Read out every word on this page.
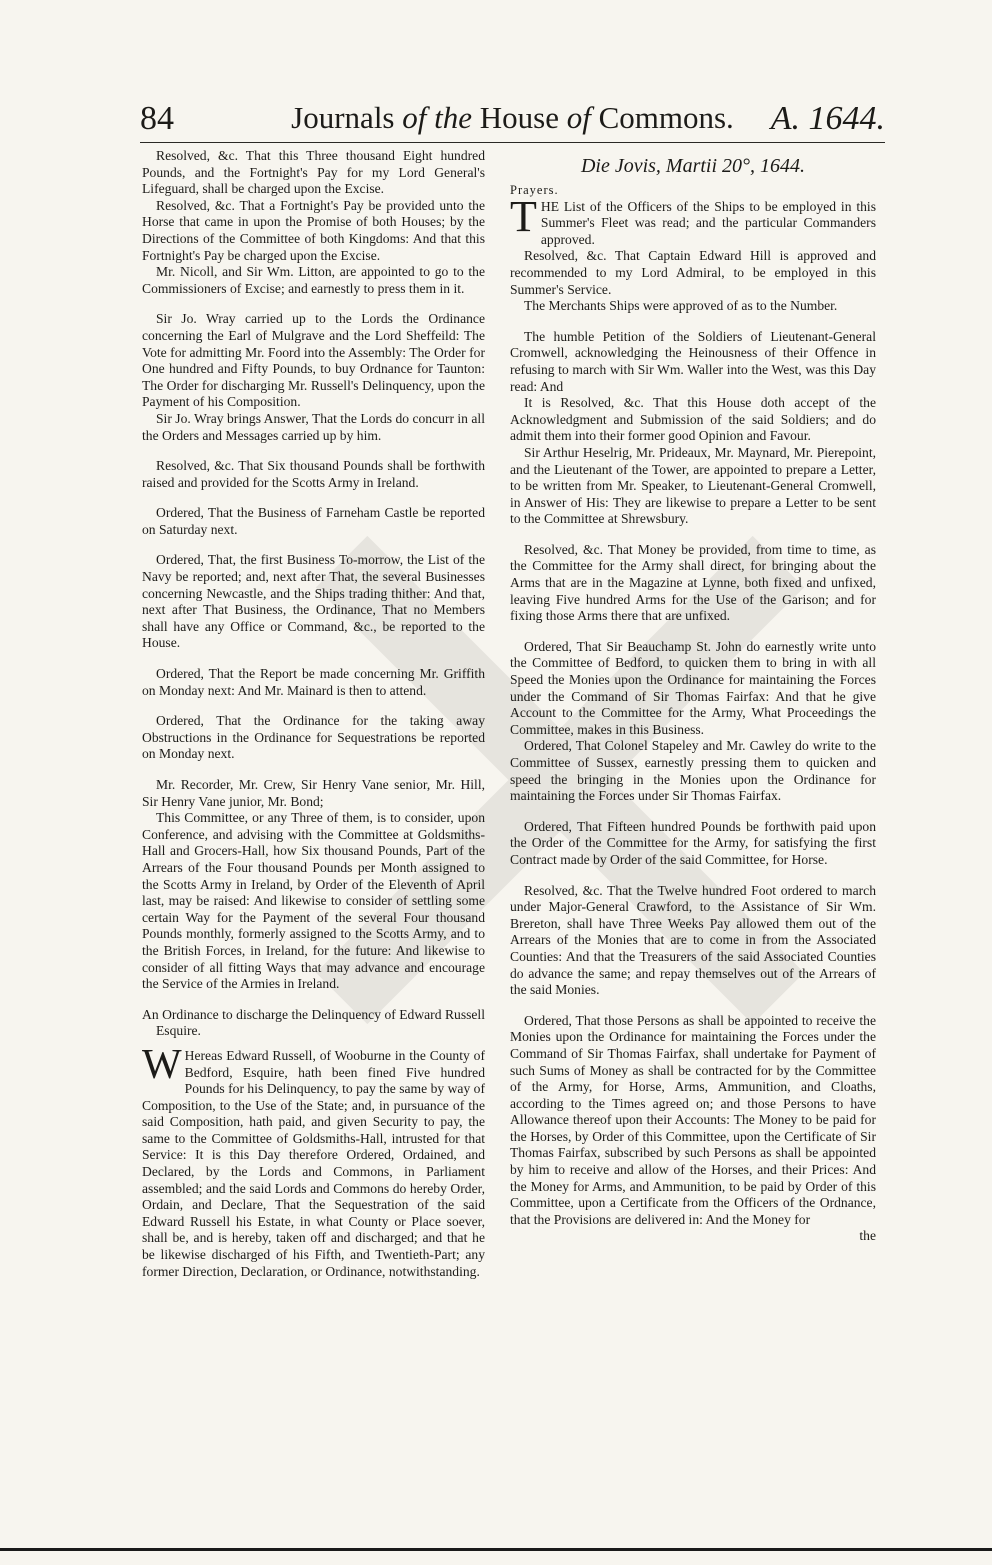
84	Journals of the House of Commons.	A. 1644.

Resolved, &c. That this Three thousand Eight hundred Pounds, and the Fortnight's Pay for my Lord General's Lifeguard, shall be charged upon the Excise.

Resolved, &c. That a Fortnight's Pay be provided unto the Horse that came in upon the Promise of both Houses; by the Directions of the Committee of both Kingdoms: And that this Fortnight's Pay be charged upon the Excise.

Mr. Nicoll, and Sir Wm. Litton, are appointed to go to the Commissioners of Excise; and earnestly to press them in it.

Sir Jo. Wray carried up to the Lords the Ordinance concerning the Earl of Mulgrave and the Lord Sheffeild: The Vote for admitting Mr. Foord into the Assembly: The Order for One hundred and Fifty Pounds, to buy Ordnance for Taunton: The Order for discharging Mr. Russell's Delinquency, upon the Payment of his Composition.

Sir Jo. Wray brings Answer, That the Lords do concurr in all the Orders and Messages carried up by him.

Resolved, &c. That Six thousand Pounds shall be forthwith raised and provided for the Scotts Army in Ireland.

Ordered, That the Business of Farneham Castle be reported on Saturday next.

Ordered, That, the first Business To-morrow, the List of the Navy be reported; and, next after That, the several Businesses concerning Newcastle, and the Ships trading thither: And that, next after That Business, the Ordinance, That no Members shall have any Office or Command, &c., be reported to the House.

Ordered, That the Report be made concerning Mr. Griffith on Monday next: And Mr. Mainard is then to attend.

Ordered, That the Ordinance for the taking away Obstructions in the Ordinance for Sequestrations be reported on Monday next.

Mr. Recorder, Mr. Crew, Sir Henry Vane senior, Mr. Hill, Sir Henry Vane junior, Mr. Bond;

This Committee, or any Three of them, is to consider, upon Conference, and advising with the Committee at Goldsmiths-Hall and Grocers-Hall, how Six thousand Pounds, Part of the Arrears of the Four thousand Pounds per Month assigned to the Scotts Army in Ireland, by Order of the Eleventh of April last, may be raised: And likewise to consider of settling some certain Way for the Payment of the several Four thousand Pounds monthly, formerly assigned to the Scotts Army, and to the British Forces, in Ireland, for the future: And likewise to consider of all fitting Ways that may advance and encourage the Service of the Armies in Ireland.

An Ordinance to discharge the Delinquency of Edward Russell Esquire.

W Hereas Edward Russell, of Wooburne in the County of Bedford, Esquire, hath been fined Five hundred Pounds for his Delinquency, to pay the same by way of Composition, to the Use of the State; and, in pursuance of the said Composition, hath paid, and given Security to pay, the same to the Committee of Goldsmiths-Hall, intrusted for that Service: It is this Day therefore Ordered, Ordained, and Declared, by the Lords and Commons, in Parliament assembled; and the said Lords and Commons do hereby Order, Ordain, and Declare, That the Sequestration of the said Edward Russell his Estate, in what County or Place soever, shall be, and is hereby, taken off and discharged; and that he be likewise discharged of his Fifth, and Twentieth-Part; any former Direction, Declaration, or Ordinance, notwithstanding.

Die Jovis, Martii 20°, 1644.

Prayers.

THE List of the Officers of the Ships to be employed in this Summer's Fleet was read; and the particular Commanders approved.

Resolved, &c. That Captain Edward Hill is approved and recommended to my Lord Admiral, to be employed in this Summer's Service.

The Merchants Ships were approved of as to the Number.

The humble Petition of the Soldiers of Lieutenant-General Cromwell, acknowledging the Heinousness of their Offence in refusing to march with Sir Wm. Waller into the West, was this Day read: And

It is Resolved, &c. That this House doth accept of the Acknowledgment and Submission of the said Soldiers; and do admit them into their former good Opinion and Favour.

Sir Arthur Heselrig, Mr. Prideaux, Mr. Maynard, Mr. Pierepoint, and the Lieutenant of the Tower, are appointed to prepare a Letter, to be written from Mr. Speaker, to Lieutenant-General Cromwell, in Answer of His: They are likewise to prepare a Letter to be sent to the Committee at Shrewsbury.

Resolved, &c. That Money be provided, from time to time, as the Committee for the Army shall direct, for bringing about the Arms that are in the Magazine at Lynne, both fixed and unfixed, leaving Five hundred Arms for the Use of the Garison; and for fixing those Arms there that are unfixed.

Ordered, That Sir Beauchamp St. John do earnestly write unto the Committee of Bedford, to quicken them to bring in with all Speed the Monies upon the Ordinance for maintaining the Forces under the Command of Sir Thomas Fairfax: And that he give Account to the Committee for the Army, What Proceedings the Committee, makes in this Business.

Ordered, That Colonel Stapeley and Mr. Cawley do write to the Committee of Sussex, earnestly pressing them to quicken and speed the bringing in the Monies upon the Ordinance for maintaining the Forces under Sir Thomas Fairfax.

Ordered, That Fifteen hundred Pounds be forthwith paid upon the Order of the Committee for the Army, for satisfying the first Contract made by Order of the said Committee, for Horse.

Resolved, &c. That the Twelve hundred Foot ordered to march under Major-General Crawford, to the Assistance of Sir Wm. Brereton, shall have Three Weeks Pay allowed them out of the Arrears of the Monies that are to come in from the Associated Counties: And that the Treasurers of the said Associated Counties do advance the same; and repay themselves out of the Arrears of the said Monies.

Ordered, That those Persons as shall be appointed to receive the Monies upon the Ordinance for maintaining the Forces under the Command of Sir Thomas Fairfax, shall undertake for Payment of such Sums of Money as shall be contracted for by the Committee of the Army, for Horse, Arms, Ammunition, and Cloaths, according to the Times agreed on; and those Persons to have Allowance thereof upon their Accounts: The Money to be paid for the Horses, by Order of this Committee, upon the Certificate of Sir Thomas Fairfax, subscribed by such Persons as shall be appointed by him to receive and allow of the Horses, and their Prices: And the Money for Arms, and Ammunition, to be paid by Order of this Committee, upon a Certificate from the Officers of the Ordnance, that the Provisions are delivered in: And the Money for

the
